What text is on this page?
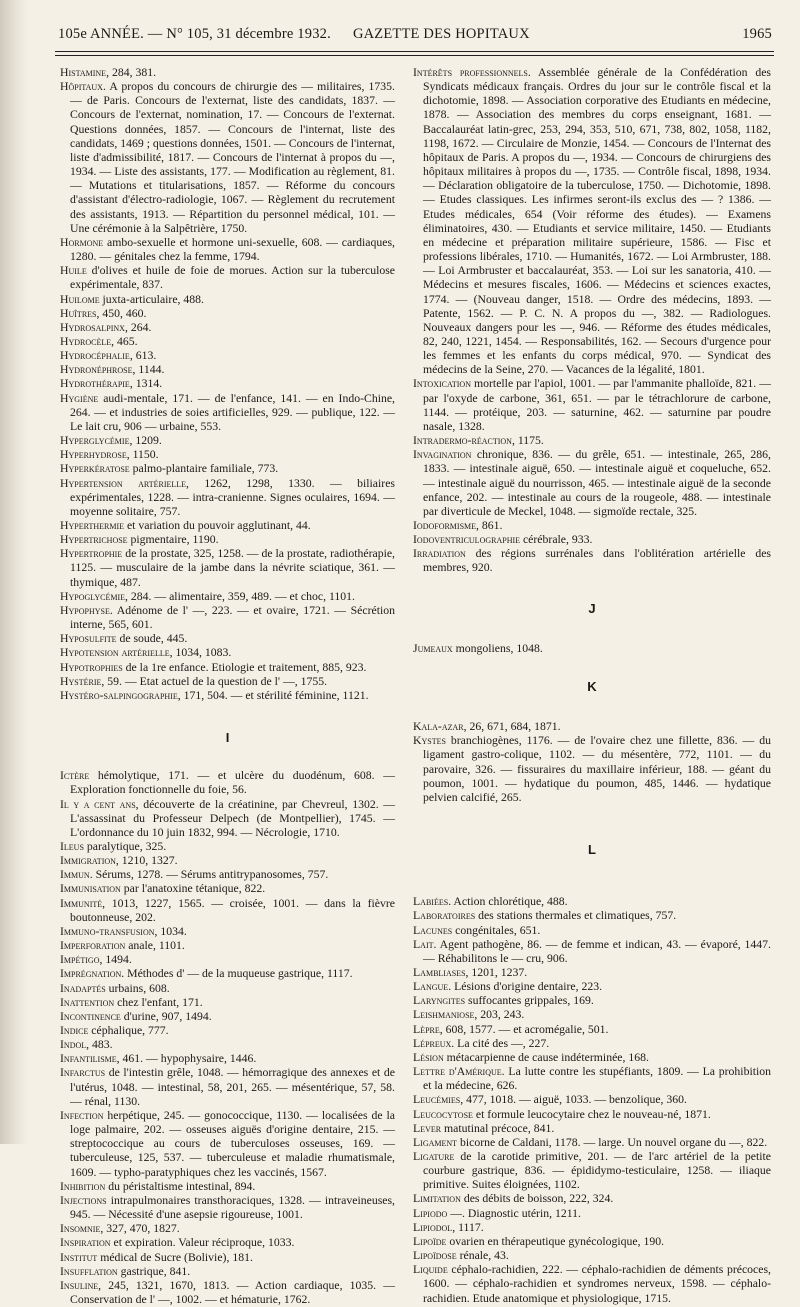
105e ANNÉE. — N° 105, 31 décembre 1932. GAZETTE DES HOPITAUX	1965

Histamine, 284, 381.

Hôpitaux. A propos du concours de chirurgie des — militaires, 1735. — de Paris. Concours de l'externat, liste des candidats, 1837. — Concours de l'externat, nomination, 17. — Concours de l'externat. Questions données, 1857. — Concours de l'internat, liste des candidats, 1469 ; questions données, 1501. — Concours de l'internat, liste d'admissibilité, 1817. — Concours de l'internat à propos du —, 1934. — Liste des assistants, 177. — Modification au règlement, 81. — Mutations et titularisations, 1857. — Réforme du concours d'assistant d'électro-radiologie, 1067. — Règlement du recrutement des assistants, 1913. — Répartition du personnel médical, 101. — Une cérémonie à la Salpêtrière, 1750.

Hormone ambo-sexuelle et hormone uni-sexuelle, 608. — cardiaques, 1280. — génitales chez la femme, 1794.

Huile d'olives et huile de foie de morues. Action sur la tuberculose expérimentale, 837.

Huilome juxta-articulaire, 488.

Huîtres, 450, 460.

Hydrosalpinx, 264.

Hydrocèle, 465.

Hydrocéphalie, 613.

Hydronéphrose, 1144.

Hydrothérapie, 1314.

Hygiène audi-mentale, 171. — de l'enfance, 141. — en Indo-Chine, 264. — et industries de soies artificielles, 929. — publique, 122. — Le lait cru, 906 — urbaine, 553.

Hyperglycémie, 1209.

Hyperhydrose, 1150.

Hyperkératose palmo-plantaire familiale, 773.

Hypertension artérielle, 1262, 1298, 1330. — biliaires expérimentales, 1228. — intra-cranienne. Signes oculaires, 1694. — moyenne solitaire, 757.

Hyperthermie et variation du pouvoir agglutinant, 44.

Hypertrichose pigmentaire, 1190.

Hypertrophie de la prostate, 325, 1258. — de la prostate, radiothérapie, 1125. — musculaire de la jambe dans la névrite sciatique, 361. — thymique, 487.

Hypoglycémie, 284. — alimentaire, 359, 489. — et choc, 1101.

Hypophyse. Adénome de l' —, 223. — et ovaire, 1721. — Sécrétion interne, 565, 601.

Hyposulfite de soude, 445.

Hypotension artérielle, 1034, 1083.

Hypotrophies de la 1re enfance. Etiologie et traitement, 885, 923.

Hystérie, 59. — Etat actuel de la question de l' —, 1755.

Hystéro-salpingographie, 171, 504. — et stérilité féminine, 1121.

I

Ictère hémolytique, 171. — et ulcère du duodénum, 608. — Exploration fonctionnelle du foie, 56.

Il y a cent ans, découverte de la créatinine, par Chevreul, 1302. — L'assassinat du Professeur Delpech (de Montpellier), 1745. — L'ordonnance du 10 juin 1832, 994. — Nécrologie, 1710.

Ileus paralytique, 325.

Immigration, 1210, 1327.

Immun. Sérums, 1278. — Sérums antitrypanosomes, 757.

Immunisation par l'anatoxine tétanique, 822.

Immunité, 1013, 1227, 1565. — croisée, 1001. — dans la fièvre boutonneuse, 202.

Immuno-transfusion, 1034.

Imperforation anale, 1101.

Impétigo, 1494.

Imprégnation. Méthodes d' — de la muqueuse gastrique, 1117.

Inadaptés urbains, 608.

Inattention chez l'enfant, 171.

Incontinence d'urine, 907, 1494.

Indice céphalique, 777.

Indol, 483.

Infantilisme, 461. — hypophysaire, 1446.

Infarctus de l'intestin grêle, 1048. — hémorragique des annexes et de l'utérus, 1048. — intestinal, 58, 201, 265. — mésentérique, 57, 58. — rénal, 1130.

Infection herpétique, 245. — gonococcique, 1130. — localisées de la loge palmaire, 202. — osseuses aiguës d'origine dentaire, 215. — streptococcique au cours de tuberculoses osseuses, 169. — tuberculeuse, 125, 537. — tuberculeuse et maladie rhumatismale, 1609. — typho-paratyphiques chez les vaccinés, 1567.

Inhibition du péristaltisme intestinal, 894.

Injections intrapulmonaires transthoraciques, 1328. — intraveineuses, 945. — Nécessité d'une asepsie rigoureuse, 1001.

Insomnie, 327, 470, 1827.

Inspiration et expiration. Valeur réciproque, 1033.

Institut médical de Sucre (Bolivie), 181.

Insufflation gastrique, 841.

Insuline, 245, 1321, 1670, 1813. — Action cardiaque, 1035. — Conservation de l' —, 1002. — et hématurie, 1762.

Intérêts professionnels. Assemblée générale de la Confédération des Syndicats médicaux français. Ordres du jour sur le contrôle fiscal et la dichotomie, 1898. — Association corporative des Etudiants en médecine, 1878. — Association des membres du corps enseignant, 1681. — Baccalauréat latin-grec, 253, 294, 353, 510, 671, 738, 802, 1058, 1182, 1198, 1672. — Circulaire de Monzie, 1454. — Concours de l'Internat des hôpitaux de Paris. A propos du —, 1934. — Concours de chirurgiens des hôpitaux militaires à propos du —, 1735. — Contrôle fiscal, 1898, 1934. — Déclaration obligatoire de la tuberculose, 1750. — Dichotomie, 1898. — Etudes classiques. Les infirmes seront-ils exclus des — ? 1386. — Etudes médicales, 654 (Voir réforme des études). — Examens éliminatoires, 430. — Etudiants et service militaire, 1450. — Etudiants en médecine et préparation militaire supérieure, 1586. — Fisc et professions libérales, 1710. — Humanités, 1672. — Loi Armbruster, 188. — Loi Armbruster et baccalauréat, 353. — Loi sur les sanatoria, 410. — Médecins et mesures fiscales, 1606. — Médecins et sciences exactes, 1774. — (Nouveau danger, 1518. — Ordre des médecins, 1893. — Patente, 1562. — P. C. N. A propos du —, 382. — Radiologues. Nouveaux dangers pour les —, 946. — Réforme des études médicales, 82, 240, 1221, 1454. — Responsabilités, 162. — Secours d'urgence pour les femmes et les enfants du corps médical, 970. — Syndicat des médecins de la Seine, 270. — Vacances de la légalité, 1801.

Intoxication mortelle par l'apiol, 1001. — par l'ammanite phalloïde, 821. — par l'oxyde de carbone, 361, 651. — par le tétrachlorure de carbone, 1144. — protéique, 203. — saturnine, 462. — saturnine par poudre nasale, 1328.

Intradermo-réaction, 1175.

Invagination chronique, 836. — du grêle, 651. — intestinale, 265, 286, 1833. — intestinale aiguë, 650. — intestinale aiguë et coqueluche, 652. — intestinale aiguë du nourrisson, 465. — intestinale aiguë de la seconde enfance, 202. — intestinale au cours de la rougeole, 488. — intestinale par diverticule de Meckel, 1048. — sigmoïde rectale, 325.

Iodoformisme, 861.

Iodoventriculographie cérébrale, 933.

Irradiation des régions surrénales dans l'oblitération artérielle des membres, 920.

J

Jumeaux mongoliens, 1048.

K

Kala-azar, 26, 671, 684, 1871.

Kystes branchiogènes, 1176. — de l'ovaire chez une fillette, 836. — du ligament gastro-colique, 1102. — du mésentère, 772, 1101. — du parovaire, 326. — fissuraires du maxillaire inférieur, 188. — géant du poumon, 1001. — hydatique du poumon, 485, 1446. — hydatique pelvien calcifié, 265.

L

Labiées. Action chlorétique, 488.

Laboratoires des stations thermales et climatiques, 757.

Lacunes congénitales, 651.

Lait. Agent pathogène, 86. — de femme et indican, 43. — évaporé, 1447. — Réhabilitons le — cru, 906.

Lambliases, 1201, 1237.

Langue. Lésions d'origine dentaire, 223.

Laryngites suffocantes grippales, 169.

Leishmaniose, 203, 243.

Lèpre, 608, 1577. — et acromégalie, 501.

Lépreux. La cité des —, 227.

Lésion métacarpienne de cause indéterminée, 168.

Lettre d'Amérique. La lutte contre les stupéfiants, 1809. — La prohibition et la médecine, 626.

Leucémies, 477, 1018. — aiguë, 1033. — benzolique, 360.

Leucocytose et formule leucocytaire chez le nouveau-né, 1871.

Lever matutinal précoce, 841.

Ligament bicorne de Caldani, 1178. — large. Un nouvel organe du —, 822.

Ligature de la carotide primitive, 201. — de l'arc artériel de la petite courbure gastrique, 836. — épididymo-testiculaire, 1258. — iliaque primitive. Suites éloignées, 1102.

Limitation des débits de boisson, 222, 324.

Lipiodo —. Diagnostic utérin, 1211.

Lipiodol, 1117.

Lipoïde ovarien en thérapeutique gynécologique, 190.

Lipoïdose rénale, 43.

Liquide céphalo-rachidien, 222. — céphalo-rachidien de déments précoces, 1600. — céphalo-rachidien et syndromes nerveux, 1598. — céphalo-rachidien. Etude anatomique et physiologique, 1715.
